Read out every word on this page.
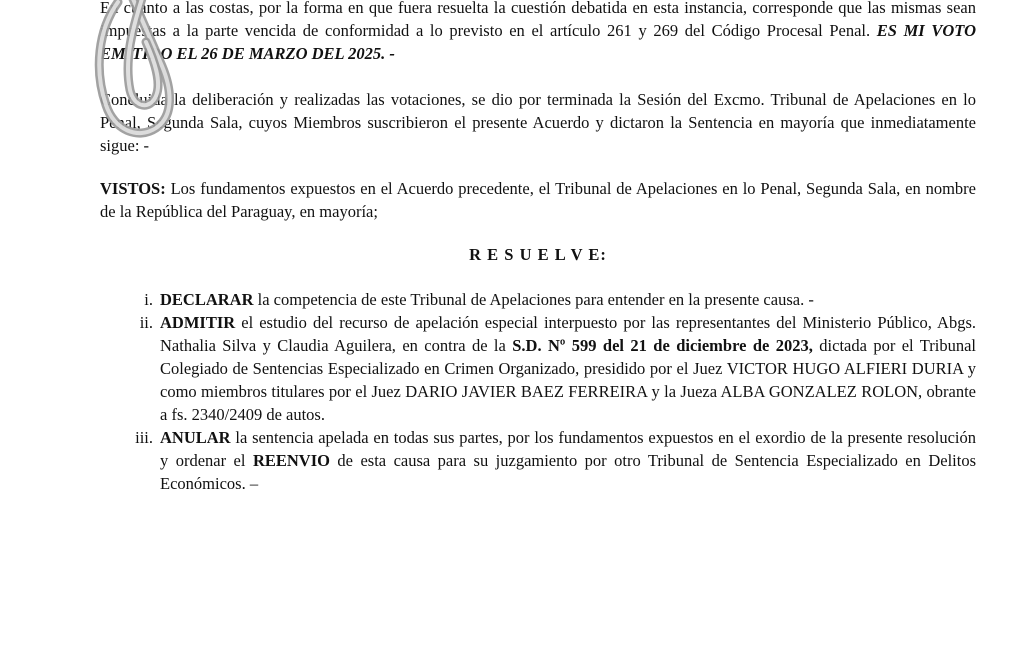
En cuanto a las costas, por la forma en que fuera resuelta la cuestión debatida en esta instancia, corresponde que las mismas sean impuestas a la parte vencida de conformidad a lo previsto en el artículo 261 y 269 del Código Procesal Penal. ES MI VOTO EMITIDO EL 26 DE MARZO DEL 2025. -

Concluida la deliberación y realizadas las votaciones, se dio por terminada la Sesión del Excmo. Tribunal de Apelaciones en lo Penal, Segunda Sala, cuyos Miembros suscribieron el presente Acuerdo y dictaron la Sentencia en mayoría que inmediatamente sigue: -

VISTOS: Los fundamentos expuestos en el Acuerdo precedente, el Tribunal de Apelaciones en lo Penal, Segunda Sala, en nombre de la República del Paraguay, en mayoría;

R E S U E L V E:

i. DECLARAR la competencia de este Tribunal de Apelaciones para entender en la presente causa. -
ii. ADMITIR el estudio del recurso de apelación especial interpuesto por las representantes del Ministerio Público, Abgs. Nathalia Silva y Claudia Aguilera, en contra de la S.D. Nº 599 del 21 de diciembre de 2023, dictada por el Tribunal Colegiado de Sentencias Especializado en Crimen Organizado, presidido por el Juez VICTOR HUGO ALFIERI DURIA y como miembros titulares por el Juez DARIO JAVIER BAEZ FERREIRA y la Jueza ALBA GONZALEZ ROLON, obrante a fs. 2340/2409 de autos.
iii. ANULAR la sentencia apelada en todas sus partes, por los fundamentos expuestos en el exordio de la presente resolución y ordenar el REENVIO de esta causa para su juzgamiento por otro Tribunal de Sentencia Especializado en Delitos Económicos. –
